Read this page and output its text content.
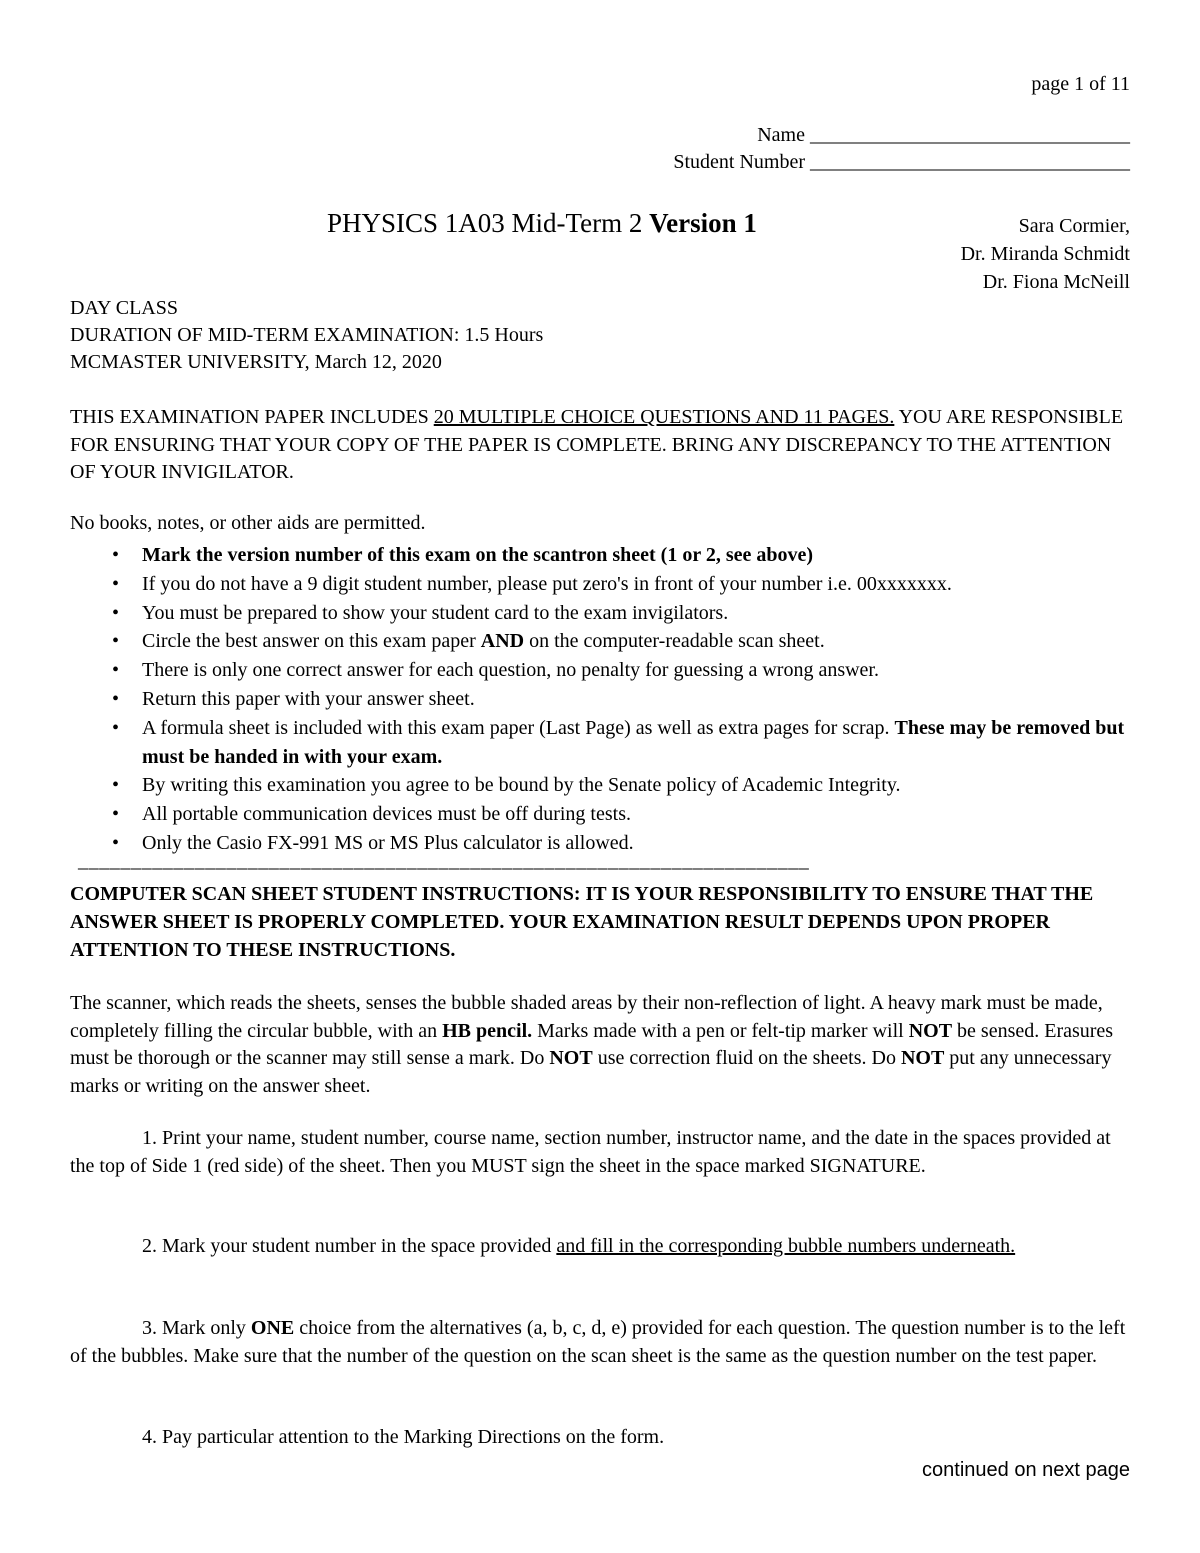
page 1 of 11
Name ________________________________
Student Number ________________________________
PHYSICS 1A03 Mid-Term 2 Version 1	Sara Cormier,
Dr. Miranda Schmidt
Dr. Fiona McNeill
DAY CLASS
DURATION OF MID-TERM EXAMINATION: 1.5 Hours
MCMASTER UNIVERSITY, March 12, 2020
THIS EXAMINATION PAPER INCLUDES 20 MULTIPLE CHOICE QUESTIONS AND 11 PAGES. YOU ARE RESPONSIBLE FOR ENSURING THAT YOUR COPY OF THE PAPER IS COMPLETE. BRING ANY DISCREPANCY TO THE ATTENTION OF YOUR INVIGILATOR.
No books, notes, or other aids are permitted.
• Mark the version number of this exam on the scantron sheet (1 or 2, see above)
• If you do not have a 9 digit student number, please put zero's in front of your number i.e. 00xxxxxxx.
• You must be prepared to show your student card to the exam invigilators.
• Circle the best answer on this exam paper AND on the computer-readable scan sheet.
• There is only one correct answer for each question, no penalty for guessing a wrong answer.
• Return this paper with your answer sheet.
• A formula sheet is included with this exam paper (Last Page) as well as extra pages for scrap. These may be removed but must be handed in with your exam.
• By writing this examination you agree to be bound by the Senate policy of Academic Integrity.
• All portable communication devices must be off during tests.
• Only the Casio FX-991 MS or MS Plus calculator is allowed.
_____________________________________________________________________
COMPUTER SCAN SHEET STUDENT INSTRUCTIONS: IT IS YOUR RESPONSIBILITY TO ENSURE THAT THE ANSWER SHEET IS PROPERLY COMPLETED. YOUR EXAMINATION RESULT DEPENDS UPON PROPER ATTENTION TO THESE INSTRUCTIONS.
The scanner, which reads the sheets, senses the bubble shaded areas by their non-reflection of light. A heavy mark must be made, completely filling the circular bubble, with an HB pencil. Marks made with a pen or felt-tip marker will NOT be sensed. Erasures must be thorough or the scanner may still sense a mark. Do NOT use correction fluid on the sheets. Do NOT put any unnecessary marks or writing on the answer sheet.
1. Print your name, student number, course name, section number, instructor name, and the date in the spaces provided at the top of Side 1 (red side) of the sheet. Then you MUST sign the sheet in the space marked SIGNATURE.
2. Mark your student number in the space provided and fill in the corresponding bubble numbers underneath.
3. Mark only ONE choice from the alternatives (a, b, c, d, e) provided for each question. The question number is to the left of the bubbles. Make sure that the number of the question on the scan sheet is the same as the question number on the test paper.
4. Pay particular attention to the Marking Directions on the form.
continued on next page
